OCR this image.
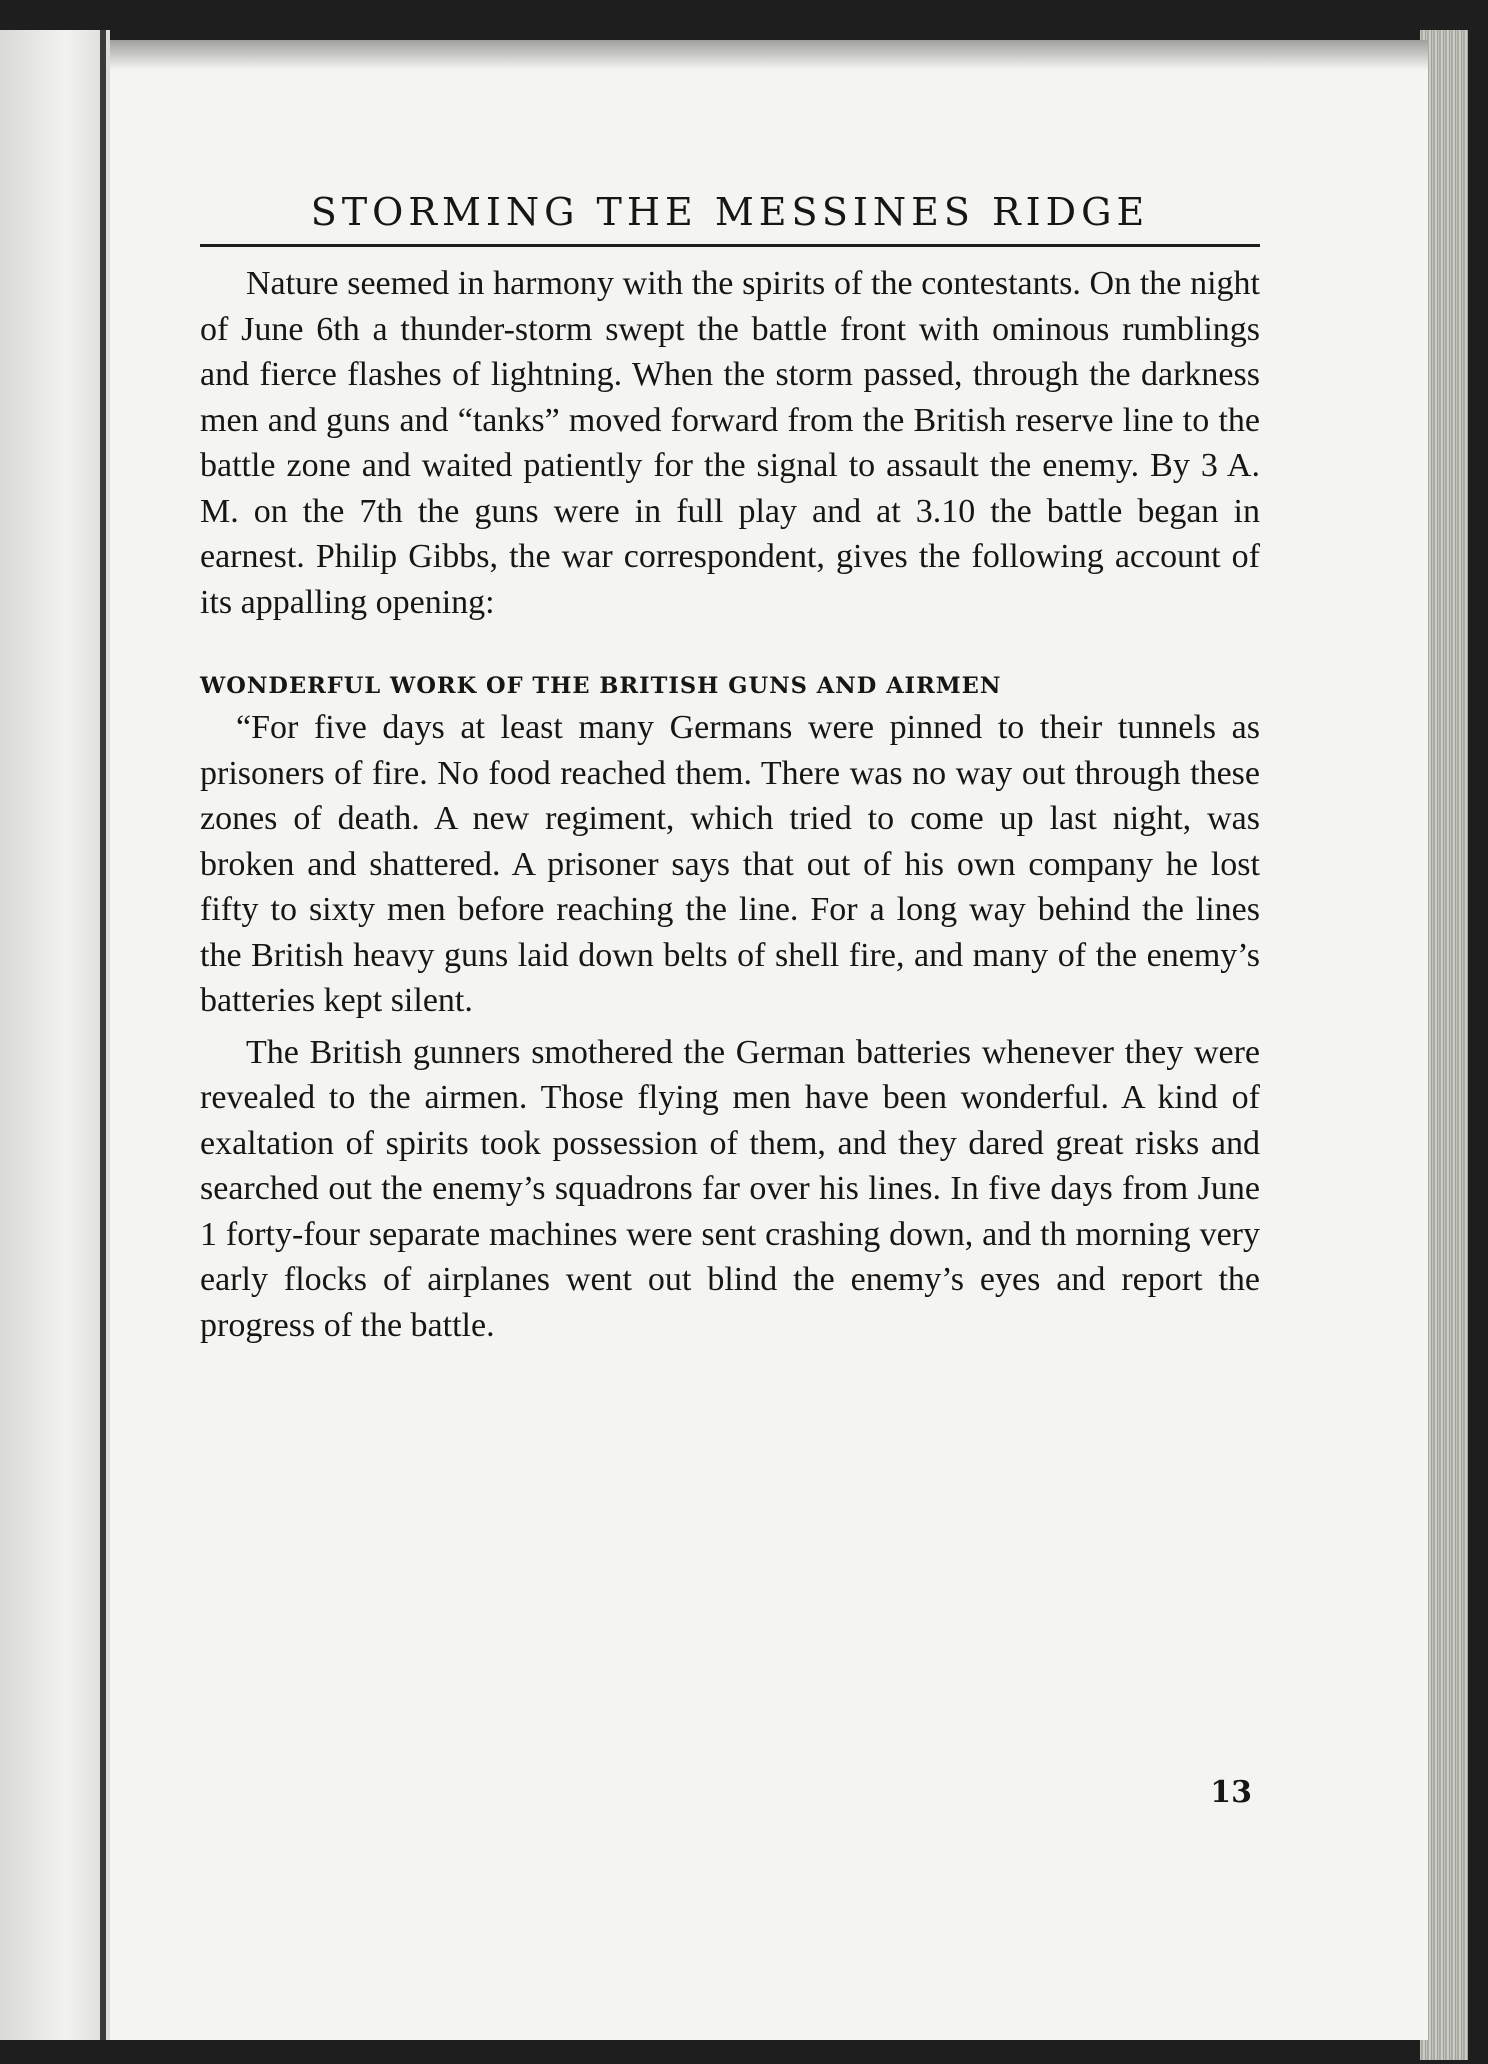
STORMING THE MESSINES RIDGE

Nature seemed in harmony with the spirits of the contestants. On the night of June 6th a thunder-storm swept the battle front with ominous rumblings and fierce flashes of lightning. When the storm passed, through the darkness men and guns and “tanks” moved forward from the British reserve line to the battle zone and waited patiently for the signal to assault the enemy. By 3 A. M. on the 7th the guns were in full play and at 3.10 the battle began in earnest. Philip Gibbs, the war correspondent, gives the following account of its appalling opening:

WONDERFUL WORK OF THE BRITISH GUNS AND AIRMEN

“For five days at least many Germans were pinned to their tunnels as prisoners of fire. No food reached them. There was no way out through these zones of death. A new regiment, which tried to come up last night, was broken and shattered. A prisoner says that out of his own company he lost fifty to sixty men before reaching the line. For a long way behind the lines the British heavy guns laid down belts of shell fire, and many of the enemy’s batteries kept silent.

The British gunners smothered the German batteries whenever they were revealed to the airmen. Those flying men have been wonderful. A kind of exaltation of spirits took possession of them, and they dared great risks and searched out the enemy’s squadrons far over his lines. In five days from June 1 forty-four separate machines were sent crashing down, and th morning very early flocks of airplanes went out blind the enemy’s eyes and report the progress of the battle.

13
